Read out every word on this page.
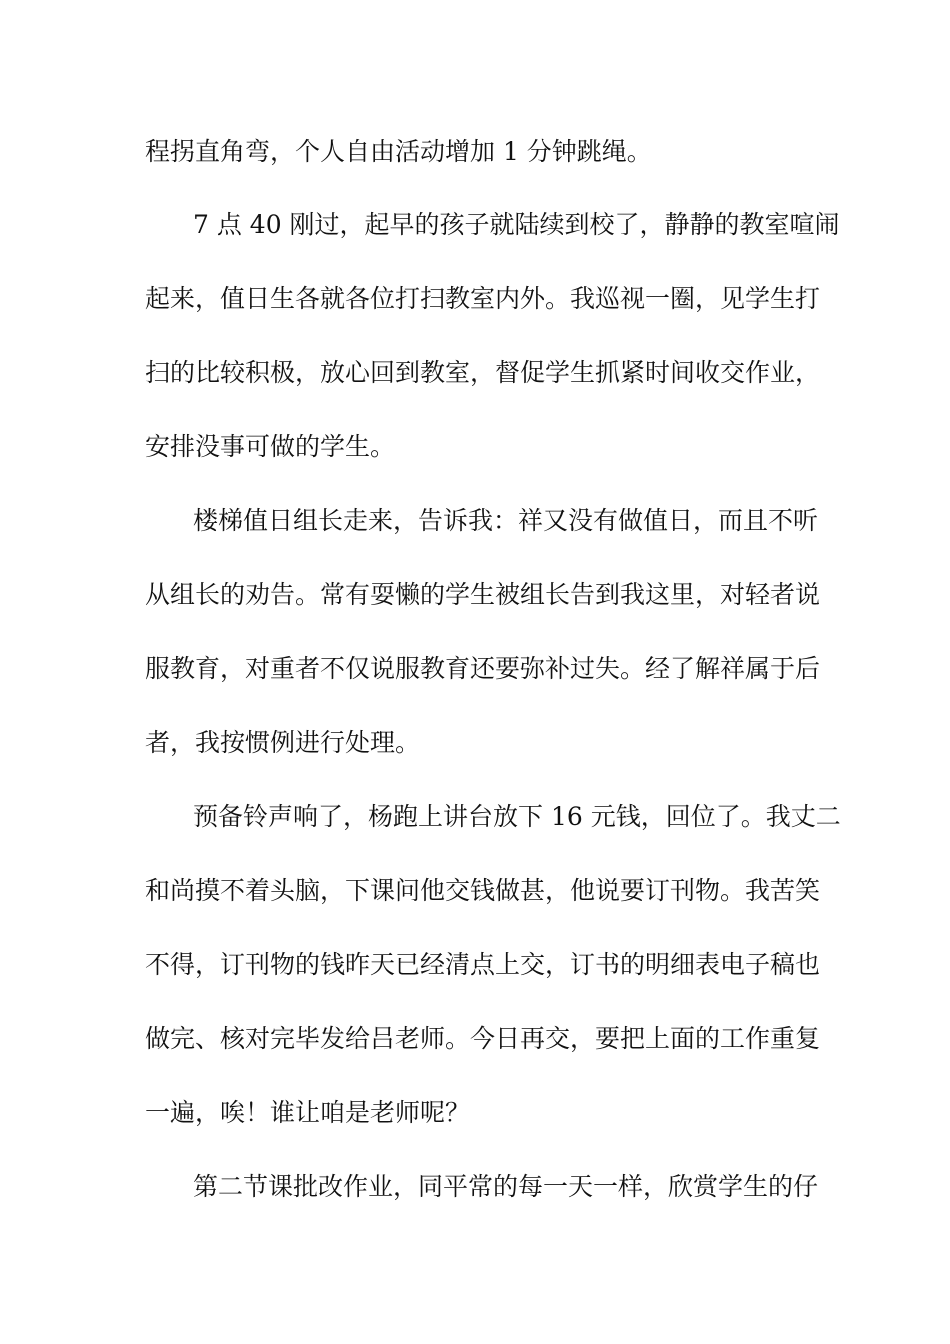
程拐直角弯，个人自由活动增加 1 分钟跳绳。
7 点 40 刚过，起早的孩子就陆续到校了，静静的教室喧闹
起来，值日生各就各位打扫教室内外。我巡视一圈，见学生打
扫的比较积极，放心回到教室，督促学生抓紧时间收交作业，
安排没事可做的学生。
楼梯值日组长走来，告诉我：祥又没有做值日，而且不听
从组长的劝告。常有耍懒的学生被组长告到我这里，对轻者说
服教育，对重者不仅说服教育还要弥补过失。经了解祥属于后
者，我按惯例进行处理。
预备铃声响了，杨跑上讲台放下 16 元钱，回位了。我丈二
和尚摸不着头脑，下课问他交钱做甚，他说要订刊物。我苦笑
不得，订刊物的钱昨天已经清点上交，订书的明细表电子稿也
做完、核对完毕发给吕老师。今日再交，要把上面的工作重复
一遍，唉！谁让咱是老师呢？
第二节课批改作业，同平常的每一天一样，欣赏学生的仔
